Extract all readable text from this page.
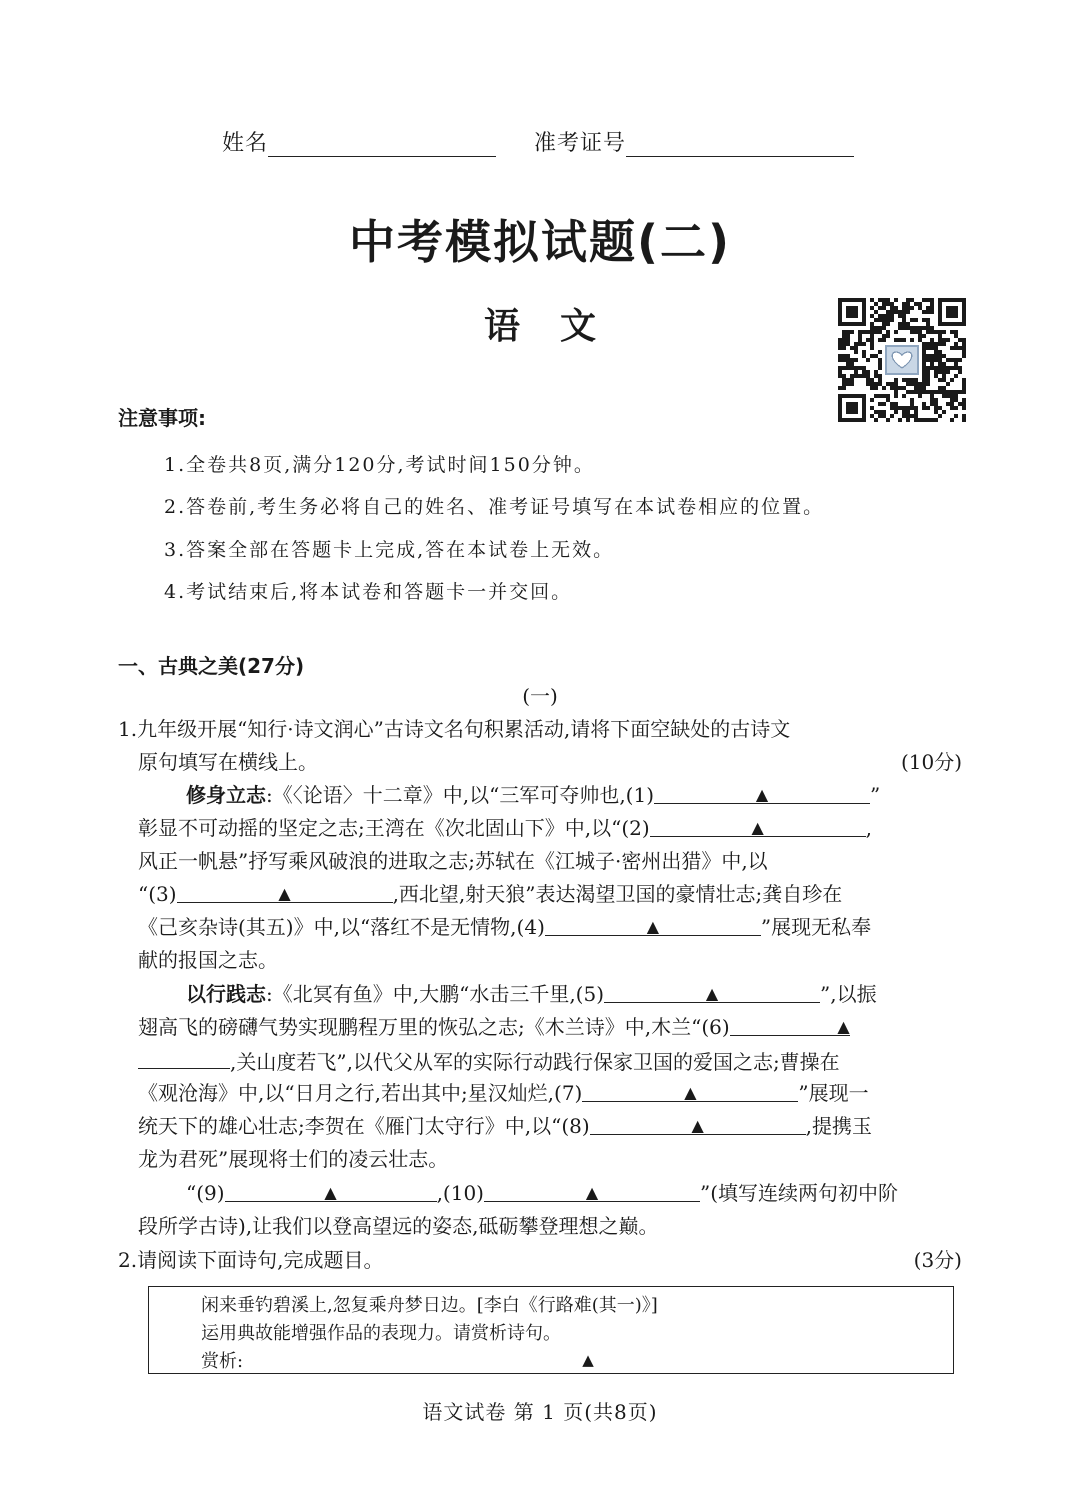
姓名	准考证号
中考模拟试题(二)
语文
注意事项:
1.全卷共8页,满分120分,考试时间150分钟。
2.答卷前,考生务必将自己的姓名、准考证号填写在本试卷相应的位置。
3.答案全部在答题卡上完成,答在本试卷上无效。
4.考试结束后,将本试卷和答题卡一并交回。
一、古典之美(27分)
(一)
1.九年级开展“知行·诗文润心”古诗文名句积累活动,请将下面空缺处的古诗文
原句填写在横线上。	(10分)
修身立志:《〈论语〉十二章》中,以“三军可夺帅也,(1)	▲	”
彰显不可动摇的坚定之志;王湾在《次北固山下》中,以“(2)	▲	,
风正一帆悬”抒写乘风破浪的进取之志;苏轼在《江城子·密州出猎》中,以
“(3)	▲	,西北望,射天狼”表达渴望卫国的豪情壮志;龚自珍在
《己亥杂诗(其五)》中,以“落红不是无情物,(4)	▲	”展现无私奉
献的报国之志。
以行践志:《北冥有鱼》中,大鹏“水击三千里,(5)	▲	”,以振
翅高飞的磅礴气势实现鹏程万里的恢弘之志;《木兰诗》中,木兰“(6)	▲
,关山度若飞”,以代父从军的实际行动践行保家卫国的爱国之志;曹操在
《观沧海》中,以“日月之行,若出其中;星汉灿烂,(7)	▲	”展现一
统天下的雄心壮志;李贺在《雁门太守行》中,以“(8)	▲	,提携玉
龙为君死”展现将士们的凌云壮志。
“(9)	▲	,(10)	▲	”(填写连续两句初中阶
段所学古诗),让我们以登高望远的姿态,砥砺攀登理想之巅。
2.请阅读下面诗句,完成题目。	(3分)
闲来垂钓碧溪上,忽复乘舟梦日边。[李白《行路难(其一)》]
运用典故能增强作品的表现力。请赏析诗句。
赏析:	▲
语文试卷 第 1 页(共8页)
